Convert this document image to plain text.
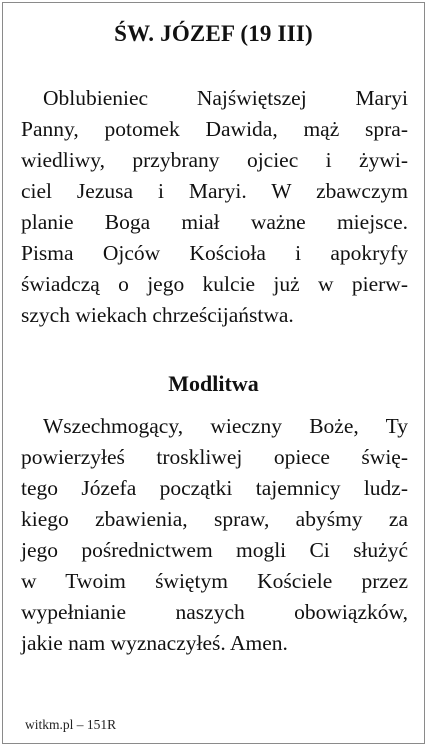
ŚW. JÓZEF (19 III)
Oblubieniec Najświętszej Maryi
Panny, potomek Dawida, mąż spra-
wiedliwy, przybrany ojciec i żywi-
ciel Jezusa i Maryi. W zbawczym
planie Boga miał ważne miejsce.
Pisma Ojców Kościoła i apokryfy
świadczą o jego kulcie już w pierw-
szych wiekach chrześcijaństwa.
Modlitwa
Wszechmogący, wieczny Boże, Ty
powierzyłeś troskliwej opiece świę-
tego Józefa początki tajemnicy ludz-
kiego zbawienia, spraw, abyśmy za
jego pośrednictwem mogli Ci służyć
w Twoim świętym Kościele przez
wypełnianie naszych obowiązków,
jakie nam wyznaczyłeś. Amen.

witkm.pl – 151R
